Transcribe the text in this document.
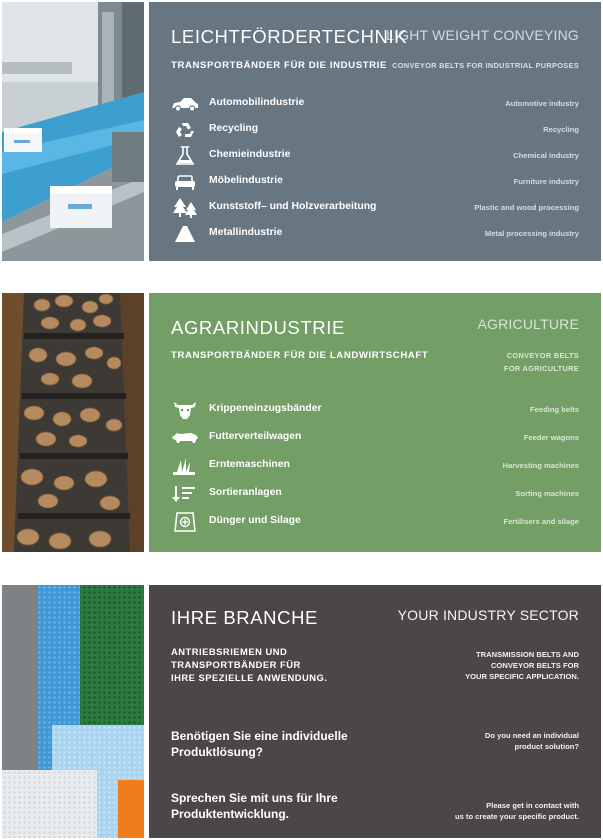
LEICHTFÖRDERTECHNIK
LIGHT WEIGHT CONVEYING
TRANSPORTBÄNDER FÜR DIE INDUSTRIE CONVEYOR BELTS FOR INDUSTRIAL PURPOSES
Automobilindustrie	Automotive industry
Recycling	Recycling
Chemieindustrie	Chemical industry
Möbelindustrie	Furniture industry
Kunststoff– und Holzverarbeitung	Plastic and wood processing
Metallindustrie	Metal processing industry
AGRARINDUSTRIE	AGRICULTURE
TRANSPORTBÄNDER FÜR DIE LANDWIRTSCHAFT	CONVEYOR BELTS
FOR AGRICULTURE
Krippeneinzugsbänder	Feeding belts
Futterverteilwagen	Feeder wagons
Erntemaschinen	Harvesting machines
Sortieranlagen	Sorting machines
Dünger und Silage	Fertilisers and silage
IHRE BRANCHE	YOUR INDUSTRY SECTOR
ANTRIEBSRIEMEN UND
TRANSPORTBÄNDER FÜR
IHRE SPEZIELLE ANWENDUNG.
TRANSMISSION BELTS AND
CONVEYOR BELTS FOR
YOUR SPECIFIC APPLICATION.
Benötigen Sie eine individuelle
Produktlösung?
Do you need an individual
product solution?
Sprechen Sie mit uns für Ihre
Produktentwicklung.
Please get in contact with
us to create your specific product.
